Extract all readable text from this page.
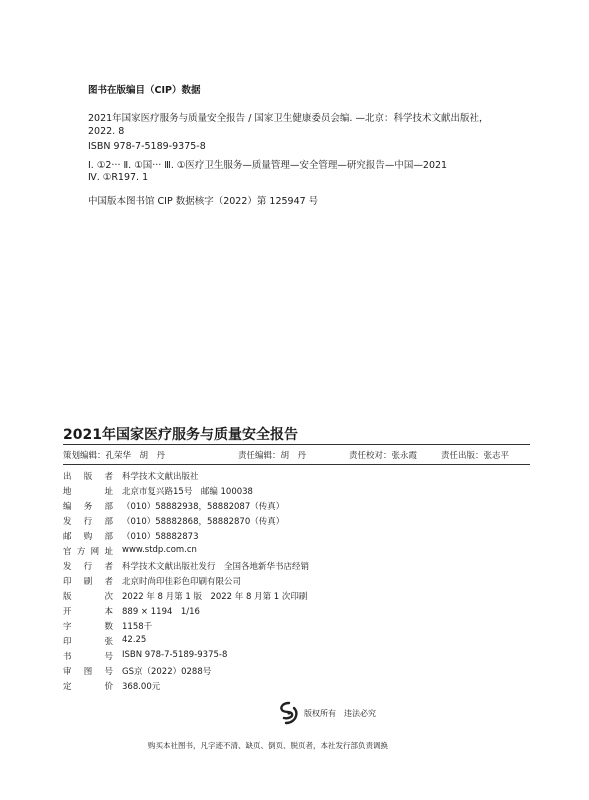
图书在版编目（CIP）数据
2021年国家医疗服务与质量安全报告 / 国家卫生健康委员会编. —北京：科学技术文献出版社，
2022. 8
ISBN 978-7-5189-9375-8
Ⅰ. ①2··· Ⅱ. ①国··· Ⅲ. ①医疗卫生服务—质量管理—安全管理—研究报告—中国—2021
Ⅳ. ①R197. 1
中国版本图书馆 CIP 数据核字（2022）第 125947 号
2021年国家医疗服务与质量安全报告
策划编辑：孔荣华　胡　丹	责任编辑：胡　丹	责任校对：张永霞	责任出版：张志平
出版者 科学技术文献出版社
地址 北京市复兴路15号　邮编 100038
编务部 （010）58882938，58882087（传真）
发行部 （010）58882868，58882870（传真）
邮购部 （010）58882873
官方网址 www.stdp.com.cn
发行者 科学技术文献出版社发行　全国各地新华书店经销
印刷者 北京时尚印佳彩色印刷有限公司
版次 2022 年 8 月第 1 版　2022 年 8 月第 1 次印刷
开本 889 × 1194　1/16
字数 1158千
印张 42.25
书号 ISBN 978-7-5189-9375-8
审图号 GS京（2022）0288号
定价 368.00元
版权所有　违法必究
购买本社图书，凡字迹不清、缺页、倒页、脱页者，本社发行部负责调换
